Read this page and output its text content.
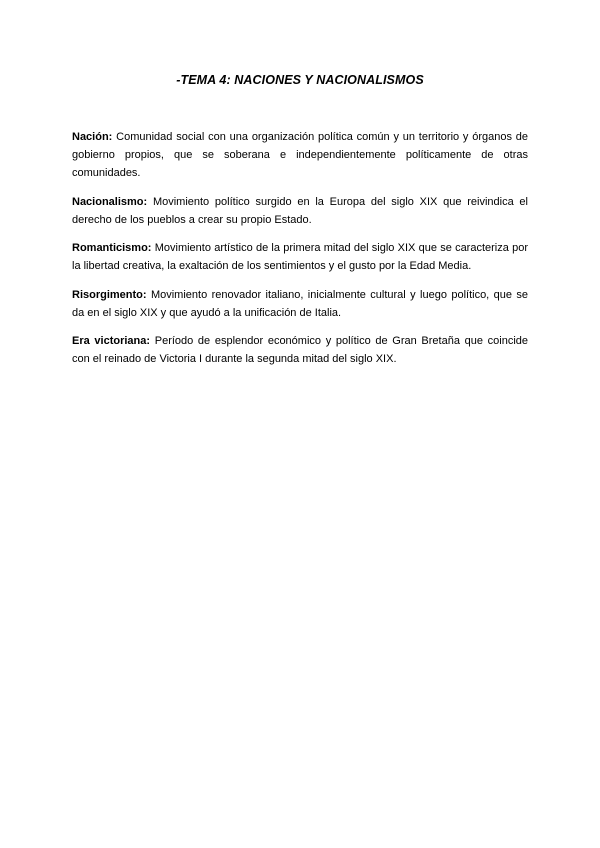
-TEMA 4: NACIONES Y NACIONALISMOS

Nación: Comunidad social con una organización política común y un territorio y órganos de gobierno propios, que se soberana e independientemente políticamente de otras comunidades.

Nacionalismo: Movimiento político surgido en la Europa del siglo XIX que reivindica el derecho de los pueblos a crear su propio Estado.

Romanticismo: Movimiento artístico de la primera mitad del siglo XIX que se caracteriza por la libertad creativa, la exaltación de los sentimientos y el gusto por la Edad Media.

Risorgimento: Movimiento renovador italiano, inicialmente cultural y luego político, que se da en el siglo XIX y que ayudó a la unificación de Italia.

Era victoriana: Período de esplendor económico y político de Gran Bretaña que coincide con el reinado de Victoria I durante la segunda mitad del siglo XIX.
